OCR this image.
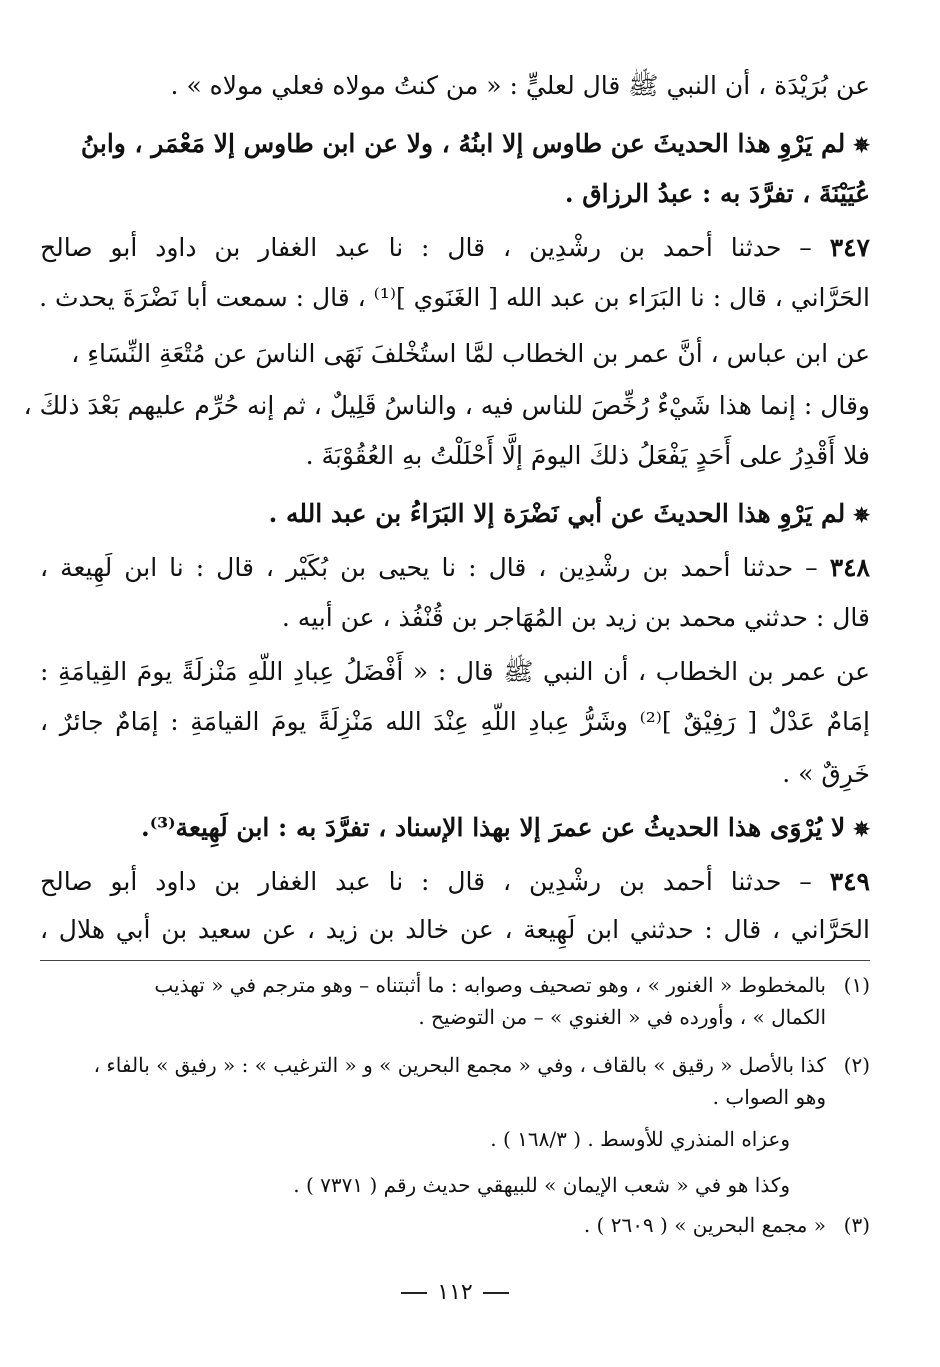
عن بُرَيْدَة ، أن النبي ﷺ قال لعليٍّ : « من كنتُ مولاه فعلي مولاه » .
✵لم يَرْوِ هذا الحديثَ عن طاوس إلا ابنُهُ ، ولا عن ابن طاوس إلا مَعْمَر ، وابنُ
عُيَيْنَةَ ، تفرَّدَ به : عبدُ الرزاق .
٣٤٧ – حدثنا أحمد بن رشْدِين ، قال : نا عبد الغفار بن داود أبو صالح
الحَرَّاني ، قال : نا البَرَاء بن عبد الله [ الغَنَوي ]⁽¹⁾ ، قال : سمعت أبا نَضْرَةَ يحدث .
عن ابن عباس ، أنَّ عمر بن الخطاب لمَّا استُخْلفَ نَهَى الناسَ عن مُتْعَةِ النِّسَاءِ ،
وقال : إنما هذا شَيْءٌ رُخِّصَ للناس فيه ، والناسُ قَلِيلٌ ، ثم إنه حُرِّم عليهم بَعْدَ ذلكَ ،
فلا أَقْدِرُ على أَحَدٍ يَفْعَلُ ذلكَ اليومَ إلَّا أَحْلَلْتُ بهِ العُقُوْبَةَ .
✵لم يَرْوِ هذا الحديثَ عن أبي نَضْرَة إلا البَرَاءُ بن عبد الله .
٣٤٨ – حدثنا أحمد بن رشْدِين ، قال : نا يحيى بن بُكَيْر ، قال : نا ابن لَهِيعة ،
قال : حدثني محمد بن زيد بن المُهَاجر بن قُنْفُذ ، عن أبيه .
عن عمر بن الخطاب ، أن النبي ﷺ قال : « أَفْضَلُ عِبادِ اللّهِ مَنْزلَةً يومَ القِيامَةِ :
إمَامٌ عَدْلٌ [ رَفِيْقٌ ]⁽²⁾ وشَرُّ عِبادِ اللّهِ عِنْدَ الله مَنْزِلَةً يومَ القيامَةِ : إمَامٌ جائرٌ ،
خَرِقٌ » .
✵لا يُرْوَى هذا الحديثُ عن عمرَ إلا بهذا الإسناد ، تفرَّدَ به : ابن لَهِيعة⁽³⁾.
٣٤٩ – حدثنا أحمد بن رشْدِين ، قال : نا عبد الغفار بن داود أبو صالح
الحَرَّاني ، قال : حدثني ابن لَهِيعة ، عن خالد بن زيد ، عن سعيد بن أبي هلال ،
(١)بالمخطوط « الغنور » ، وهو تصحيف وصوابه : ما أثبتناه – وهو مترجم في « تهذيب
الكمال » ، وأورده في « الغنوي » – من التوضيح .
(٢)كذا بالأصل « رقيق » بالقاف ، وفي « مجمع البحرين » و « الترغيب » : « رفيق » بالفاء ،
وهو الصواب .
وعزاه المنذري للأوسط . ( ١٦٨/٣ ) .
وكذا هو في « شعب الإيمان » للبيهقي حديث رقم ( ٧٣٧١ ) .
(٣)« مجمع البحرين » ( ٢٦٠٩ ) .
١١٢
